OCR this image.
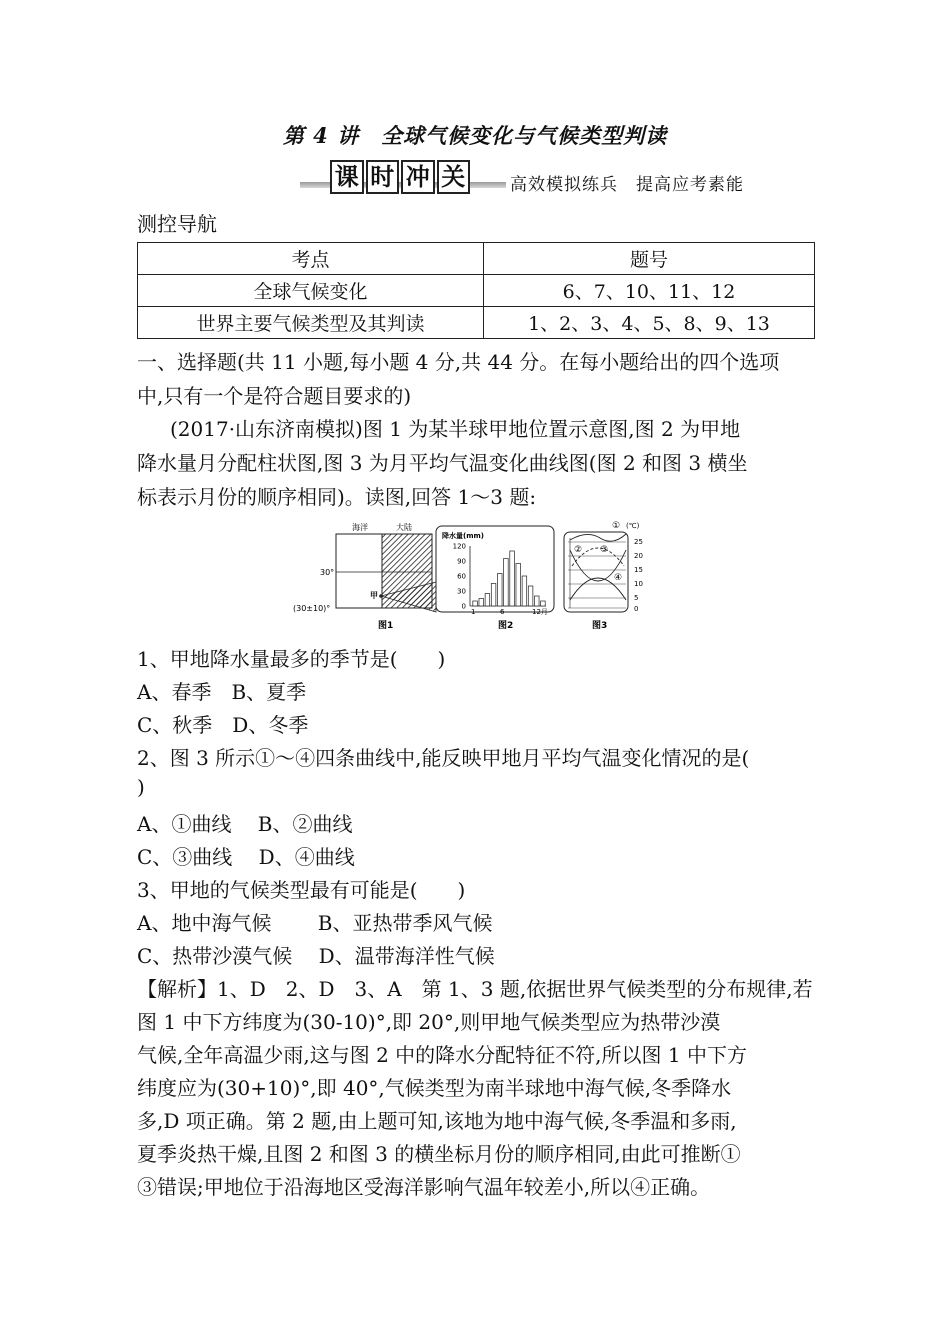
第 4 讲　全球气候变化与气候类型判读
课 时 冲 关	高效模拟练兵　提高应考素能
测控导航
考点	题号
全球气候变化	6、7、10、11、12
世界主要气候类型及其判读	1、2、3、4、5、8、9、13
一、选择题(共 11 小题,每小题 4 分,共 44 分。在每小题给出的四个选项
中,只有一个是符合题目要求的)
(2017·山东济南模拟)图 1 为某半球甲地位置示意图,图 2 为甲地
降水量月分配柱状图,图 3 为月平均气温变化曲线图(图 2 和图 3 横坐
标表示月份的顺序相同)。读图,回答 1～3 题:
海洋	大陆
30°
(30±10)°
甲
图1
降水量(mm)
120
90
60
30
0
1	6	12月
图2
①
② ③
④
(℃)
25
20
15
10
5
0
图3
1、甲地降水量最多的季节是(　　)
A、春季　B、夏季
C、秋季　D、冬季
2、图 3 所示①～④四条曲线中,能反映甲地月平均气温变化情况的是(
)
A、①曲线　 B、②曲线
C、③曲线　 D、④曲线
3、甲地的气候类型最有可能是(　　)
A、地中海气候　　 B、亚热带季风气候
C、热带沙漠气候　 D、温带海洋性气候
【解析】1、D　2、D　3、A　第 1、3 题,依据世界气候类型的分布规律,若
图 1 中下方纬度为(30-10)°,即 20°,则甲地气候类型应为热带沙漠
气候,全年高温少雨,这与图 2 中的降水分配特征不符,所以图 1 中下方
纬度应为(30+10)°,即 40°,气候类型为南半球地中海气候,冬季降水
多,D 项正确。第 2 题,由上题可知,该地为地中海气候,冬季温和多雨,
夏季炎热干燥,且图 2 和图 3 的横坐标月份的顺序相同,由此可推断①
③错误;甲地位于沿海地区受海洋影响气温年较差小,所以④正确。
